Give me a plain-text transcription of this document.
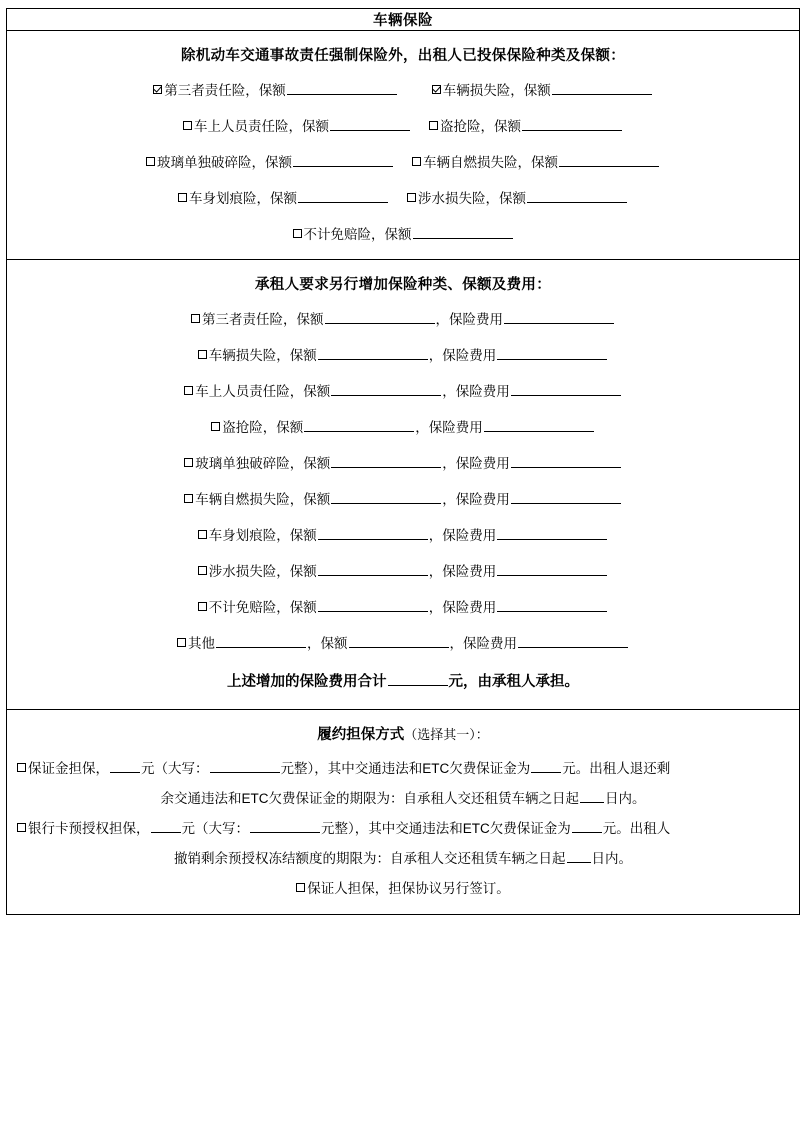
车辆保险

除机动车交通事故责任强制保险外，出租人已投保保险种类及保额：
第三者责任险，保额	车辆损失险，保额
车上人员责任险，保额	盗抢险，保额
玻璃单独破碎险，保额	车辆自燃损失险，保额
车身划痕险，保额	涉水损失险，保额
不计免赔险，保额

承租人要求另行增加保险种类、保额及费用：
第三者责任险 ，保额	，保险费用
车辆损失险 ，保额	，保险费用
车上人员责任险 ，保额	，保险费用
盗抢险 ，保额	，保险费用
玻璃单独破碎险 ，保额	，保险费用
车辆自燃损失险 ，保额	，保险费用
车身划痕险 ，保额	，保险费用
涉水损失险 ，保额	，保险费用
不计免赔险 ，保额	，保险费用
其他	，保额	，保险费用
上述增加的保险费用合计	元，由承租人承担。

履约担保方式（选择其一）：
保证金担保， 元（大写：	元整），其中交通违法和ETC欠费保证金为 元。出租人退还剩
余交通违法和ETC欠费保证金的期限为：自承租人交还租赁车辆之日起 日内。
银行卡预授权担保， 元（大写：	元整），其中交通违法和ETC欠费保证金为 元。出租人
撤销剩余预授权冻结额度的期限为：自承租人交还租赁车辆之日起 日内。
保证人担保，担保协议另行签订。
